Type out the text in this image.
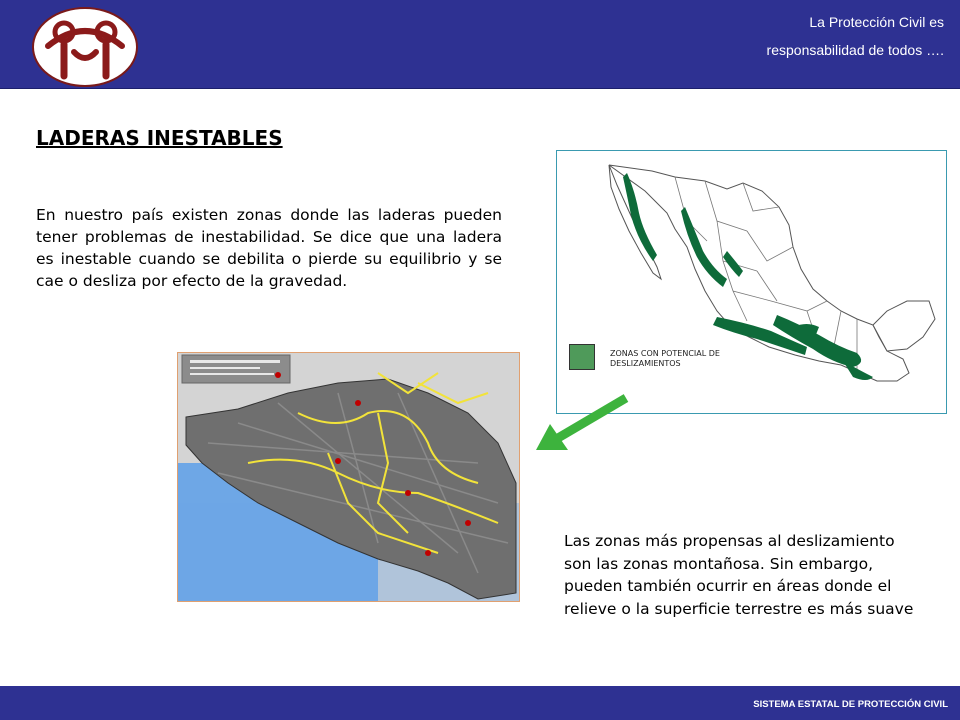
La Protección Civil es
responsabilidad de todos ….
LADERAS INESTABLES

En nuestro país existen zonas donde las laderas pueden tener problemas de inestabilidad. Se dice que una ladera es inestable cuando se debilita o pierde su equilibrio y se cae o desliza por efecto de la gravedad.

ZONAS CON POTENCIAL DE DESLIZAMIENTOS

Las zonas más propensas al deslizamiento son las zonas montañosa. Sin embargo, pueden también ocurrir en áreas donde el relieve o la superficie terrestre es más suave

SISTEMA ESTATAL DE PROTECCIÓN CIVIL
